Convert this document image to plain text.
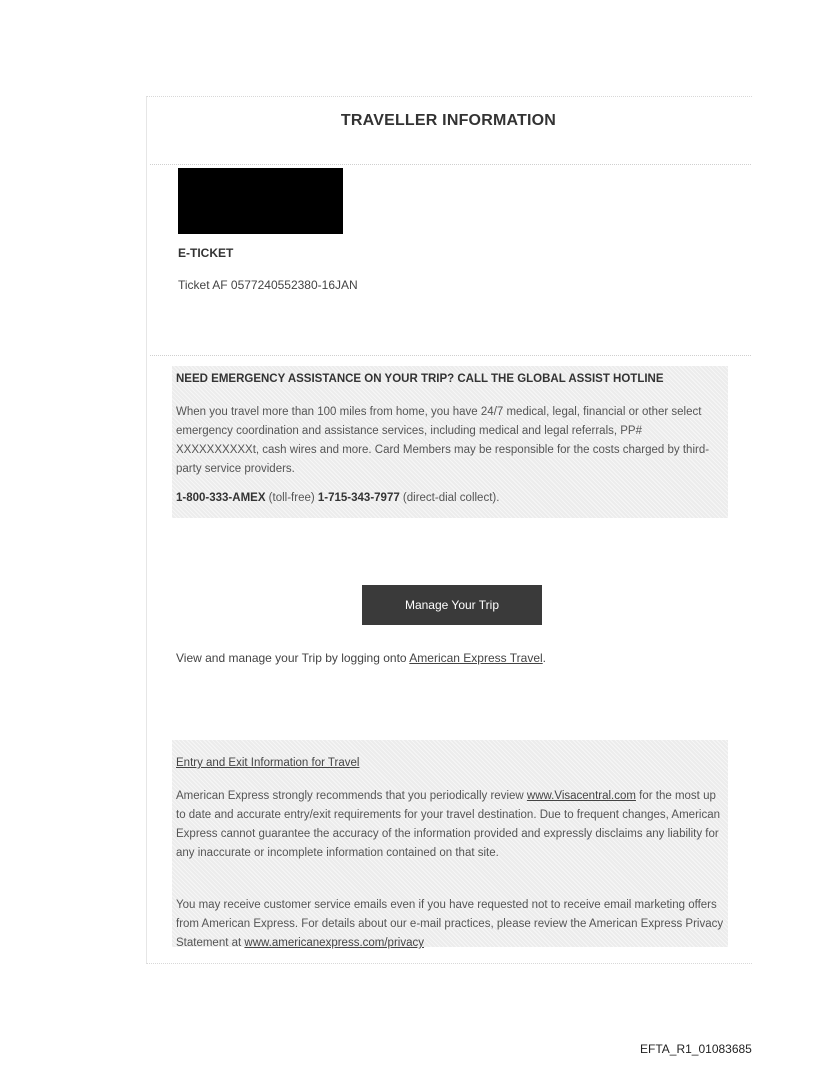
TRAVELLER INFORMATION
E-TICKET
Ticket AF 0577240552380-16JAN
NEED EMERGENCY ASSISTANCE ON YOUR TRIP? CALL THE GLOBAL ASSIST HOTLINE
When you travel more than 100 miles from home, you have 24/7 medical, legal, financial or other select emergency coordination and assistance services, including medical and legal referrals, PP# XXXXXXXXXXt, cash wires and more. Card Members may be responsible for the costs charged by third-party service providers.
1-800-333-AMEX (toll-free) 1-715-343-7977 (direct-dial collect).
Manage Your Trip
View and manage your Trip by logging onto American Express Travel.
Entry and Exit Information for Travel
American Express strongly recommends that you periodically review www.Visacentral.com for the most up to date and accurate entry/exit requirements for your travel destination. Due to frequent changes, American Express cannot guarantee the accuracy of the information provided and expressly disclaims any liability for any inaccurate or incomplete information contained on that site.
You may receive customer service emails even if you have requested not to receive email marketing offers from American Express. For details about our e-mail practices, please review the American Express Privacy Statement at www.americanexpress.com/privacy
EFTA_R1_01083685
